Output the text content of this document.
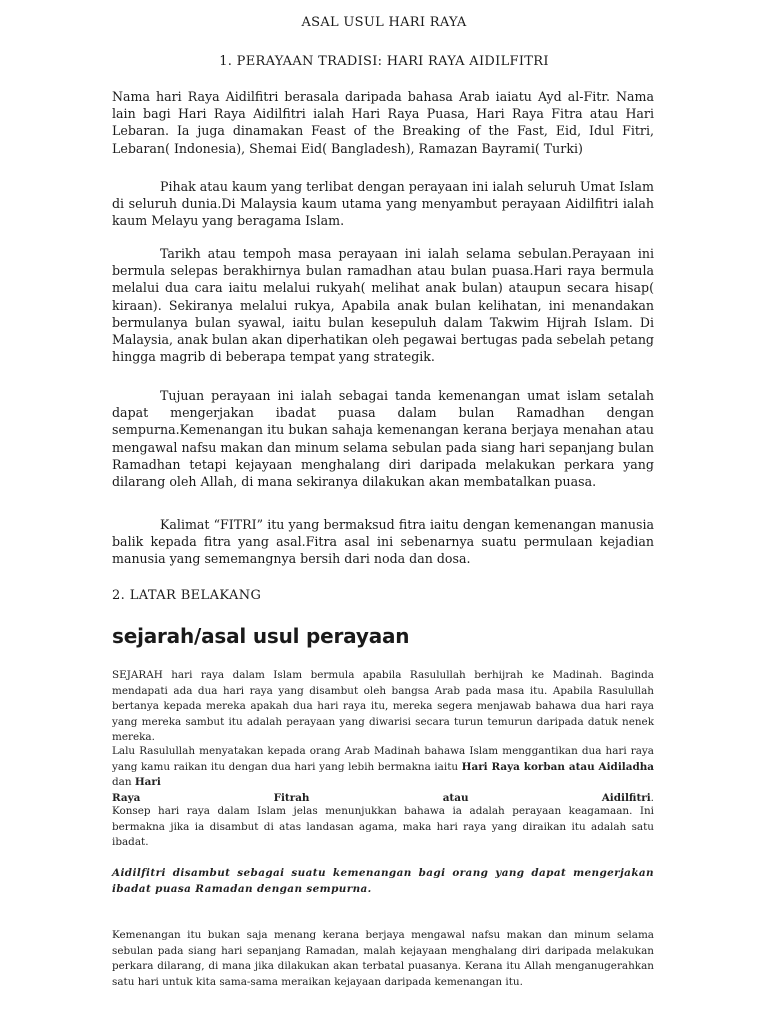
ASAL USUL HARI RAYA
1. PERAYAAN TRADISI: HARI RAYA AIDILFITRI

Nama hari Raya Aidilfitri berasala daripada bahasa Arab iaiatu Ayd al-Fitr. Nama lain bagi Hari Raya Aidilfitri ialah Hari Raya Puasa, Hari Raya Fitra atau Hari Lebaran. Ia juga dinamakan Feast of the Breaking of the Fast, Eid, Idul Fitri, Lebaran( Indonesia), Shemai Eid( Bangladesh), Ramazan Bayrami( Turki)

Pihak atau kaum yang terlibat dengan perayaan ini ialah seluruh Umat Islam di seluruh dunia.Di Malaysia kaum utama yang menyambut perayaan Aidilfitri ialah kaum Melayu yang beragama Islam.

Tarikh atau tempoh masa perayaan ini ialah selama sebulan.Perayaan ini bermula selepas berakhirnya bulan ramadhan atau bulan puasa.Hari raya bermula melalui dua cara iaitu melalui rukyah( melihat anak bulan) ataupun secara hisap( kiraan). Sekiranya melalui rukya, Apabila anak bulan kelihatan, ini menandakan bermulanya bulan syawal, iaitu bulan kesepuluh dalam Takwim Hijrah Islam. Di Malaysia, anak bulan akan diperhatikan oleh pegawai bertugas pada sebelah petang hingga magrib di beberapa tempat yang strategik.

Tujuan perayaan ini ialah sebagai tanda kemenangan umat islam setalah dapat mengerjakan ibadat puasa dalam bulan Ramadhan dengan sempurna.Kemenangan itu bukan sahaja kemenangan kerana berjaya menahan atau mengawal nafsu makan dan minum selama sebulan pada siang hari sepanjang bulan Ramadhan tetapi kejayaan menghalang diri daripada melakukan perkara yang dilarang oleh Allah, di mana sekiranya dilakukan akan membatalkan puasa.

Kalimat “FITRI” itu yang bermaksud fitra iaitu dengan kemenangan manusia balik kepada fitra yang asal.Fitra asal ini sebenarnya suatu permulaan kejadian manusia yang sememangnya bersih dari noda dan dosa.

2. LATAR BELAKANG
sejarah/asal usul perayaan

SEJARAH hari raya dalam Islam bermula apabila Rasulullah berhijrah ke Madinah. Baginda mendapati ada dua hari raya yang disambut oleh bangsa Arab pada masa itu. Apabila Rasulullah bertanya kepada mereka apakah dua hari raya itu, mereka segera menjawab bahawa dua hari raya yang mereka sambut itu adalah perayaan yang diwarisi secara turun temurun daripada datuk nenek mereka.

Lalu Rasulullah menyatakan kepada orang Arab Madinah bahawa Islam menggantikan dua hari raya yang kamu raikan itu dengan dua hari yang lebih bermakna iaitu Hari Raya korban atau Aidiladha dan Hari
Raya	Fitrah	atau	Aidilfitri.

Konsep hari raya dalam Islam jelas menunjukkan bahawa ia adalah perayaan keagamaan. Ini bermakna jika ia disambut di atas landasan agama, maka hari raya yang diraikan itu adalah satu ibadat.

Aidilfitri disambut sebagai suatu kemenangan bagi orang yang dapat mengerjakan ibadat puasa Ramadan dengan sempurna.

Kemenangan itu bukan saja menang kerana berjaya mengawal nafsu makan dan minum selama sebulan pada siang hari sepanjang Ramadan, malah kejayaan menghalang diri daripada melakukan perkara dilarang, di mana jika dilakukan akan terbatal puasanya. Kerana itu Allah menganugerahkan satu hari untuk kita sama-sama meraikan kejayaan daripada kemenangan itu.
